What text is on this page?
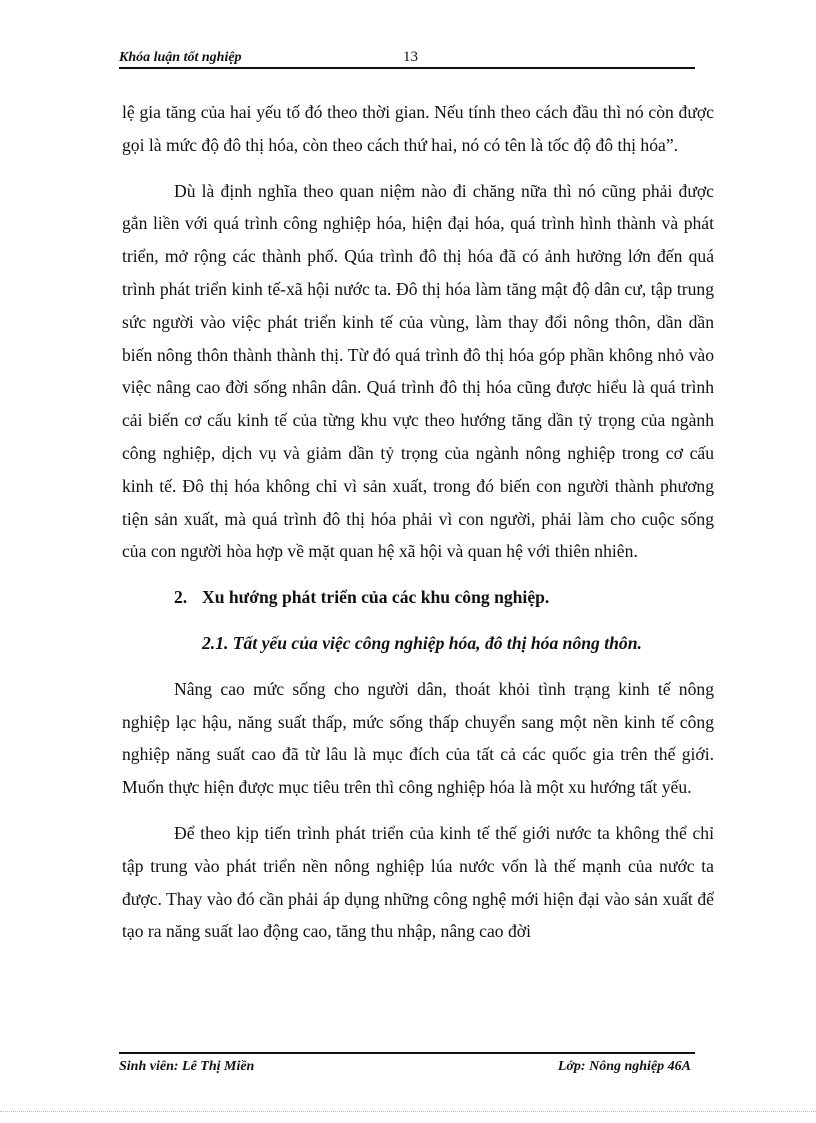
Khóa luận tốt nghiệp	13

lệ gia tăng của hai yếu tố đó theo thời gian. Nếu tính theo cách đầu thì nó còn được gọi là mức độ đô thị hóa, còn theo cách thứ hai, nó có tên là tốc độ đô thị hóa”.

Dù là định nghĩa theo quan niệm nào đi chăng nữa thì nó cũng phải được gắn liền với quá trình công nghiệp hóa, hiện đại hóa, quá trình hình thành và phát triển, mở rộng các thành phố. Qúa trình đô thị hóa đã có ảnh hưởng lớn đến quá trình phát triển kinh tế-xã hội nước ta. Đô thị hóa làm tăng mật độ dân cư, tập trung sức người vào việc phát triển kinh tế của vùng, làm thay đổi nông thôn, dần dần biến nông thôn thành thành thị. Từ đó quá trình đô thị hóa góp phần không nhỏ vào việc nâng cao đời sống nhân dân. Quá trình đô thị hóa cũng được hiểu là quá trình cải biến cơ cấu kinh tế của từng khu vực theo hướng tăng dần tỷ trọng của ngành công nghiệp, dịch vụ và giảm dần tỷ trọng của ngành nông nghiệp trong cơ cấu kinh tế. Đô thị hóa không chỉ vì sản xuất, trong đó biến con người thành phương tiện sản xuất, mà quá trình đô thị hóa phải vì con người, phải làm cho cuộc sống của con người hòa hợp về mặt quan hệ xã hội và quan hệ với thiên nhiên.

2. Xu hướng phát triển của các khu công nghiệp.

2.1. Tất yếu của việc công nghiệp hóa, đô thị hóa nông thôn.

Nâng cao mức sống cho người dân, thoát khỏi tình trạng kinh tế nông nghiệp lạc hậu, năng suất thấp, mức sống thấp chuyển sang một nền kinh tế công nghiệp năng suất cao đã từ lâu là mục đích của tất cả các quốc gia trên thế giới. Muốn thực hiện được mục tiêu trên thì công nghiệp hóa là một xu hướng tất yếu.

Để theo kịp tiến trình phát triển của kinh tế thế giới nước ta không thể chỉ tập trung vào phát triển nền nông nghiệp lúa nước vốn là thế mạnh của nước ta được. Thay vào đó cần phải áp dụng những công nghệ mới hiện đại vào sản xuất để tạo ra năng suất lao động cao, tăng thu nhập, nâng cao đời

Sinh viên: Lê Thị Miền	Lớp: Nông nghiệp 46A
